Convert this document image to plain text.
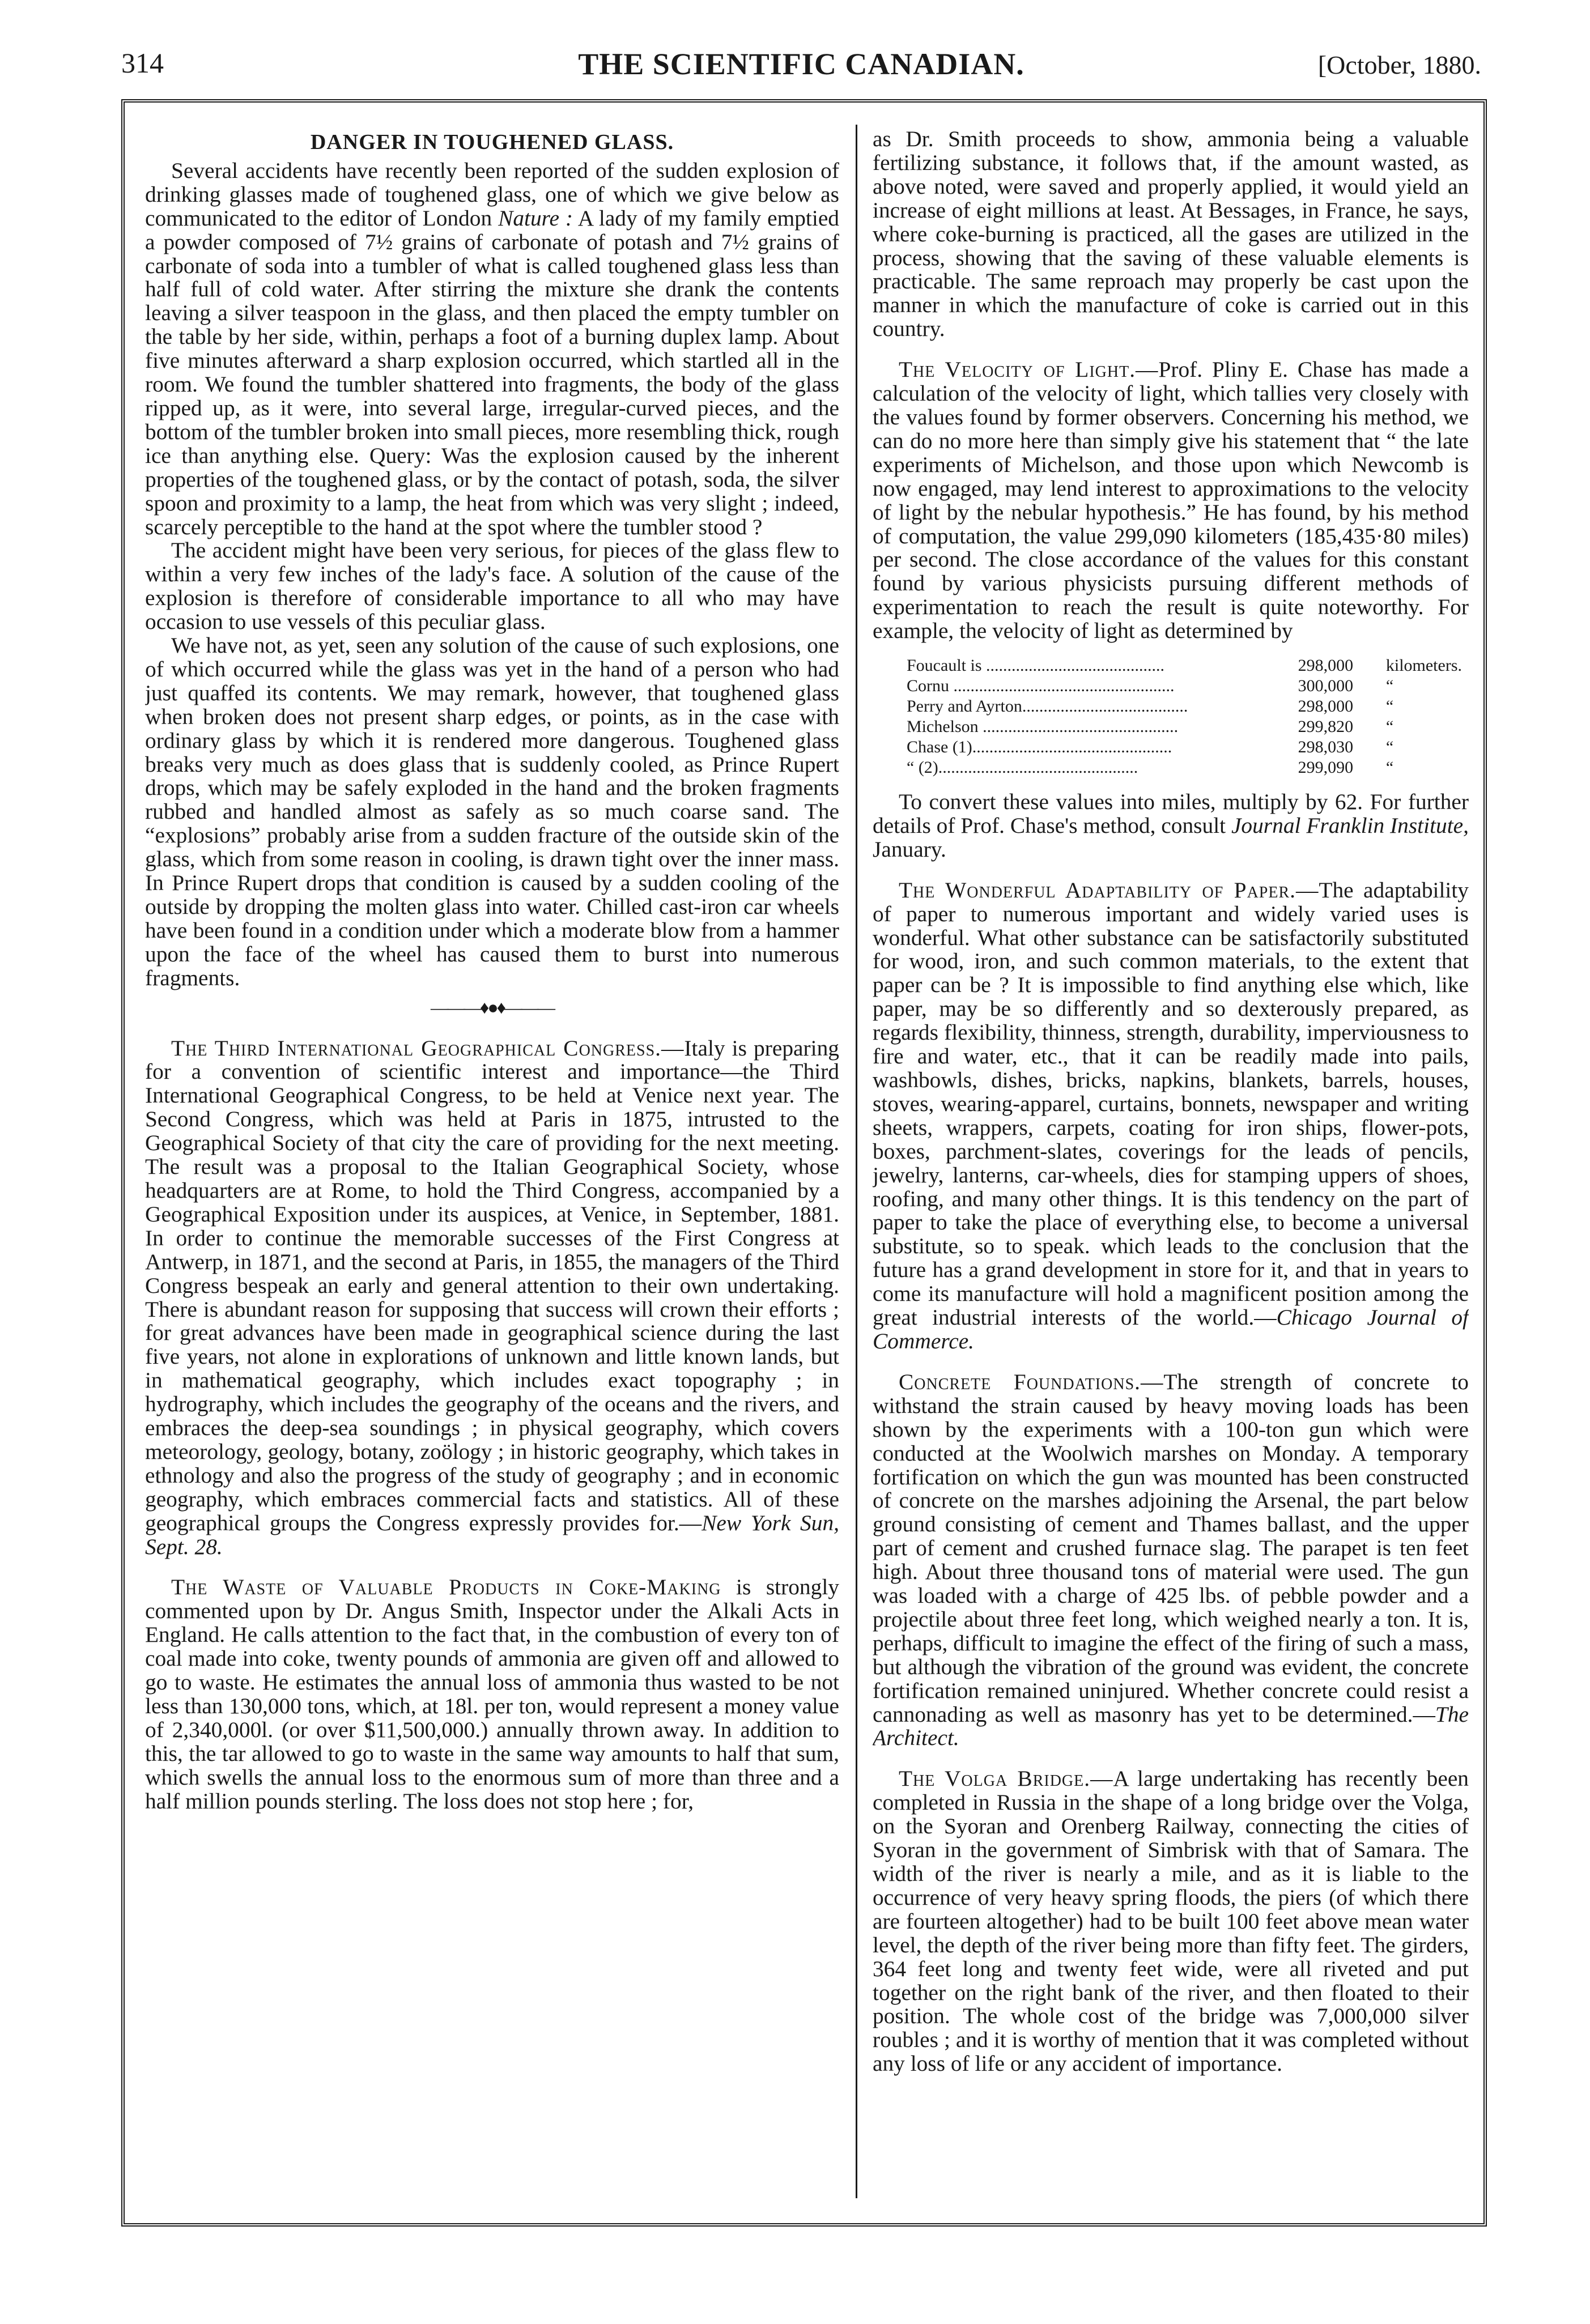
314	THE SCIENTIFIC CANADIAN.	[October, 1880.
DANGER IN TOUGHENED GLASS.

Several accidents have recently been reported of the sudden explosion of drinking glasses made of toughened glass, one of which we give below as communicated to the editor of London Nature : A lady of my family emptied a powder composed of 7½ grains of carbonate of potash and 7½ grains of carbonate of soda into a tumbler of what is called toughened glass less than half full of cold water. After stirring the mixture she drank the contents leaving a silver teaspoon in the glass, and then placed the empty tumbler on the table by her side, within, perhaps a foot of a burning duplex lamp. About five minutes afterward a sharp explosion occurred, which startled all in the room. We found the tumbler shattered into fragments, the body of the glass ripped up, as it were, into several large, irregular-curved pieces, and the bottom of the tumbler broken into small pieces, more resembling thick, rough ice than anything else. Query: Was the explosion caused by the inherent properties of the toughened glass, or by the contact of potash, soda, the silver spoon and proximity to a lamp, the heat from which was very slight ; indeed, scarcely perceptible to the hand at the spot where the tumbler stood ?

The accident might have been very serious, for pieces of the glass flew to within a very few inches of the lady's face. A solution of the cause of the explosion is therefore of considerable importance to all who may have occasion to use vessels of this peculiar glass.

We have not, as yet, seen any solution of the cause of such explosions, one of which occurred while the glass was yet in the hand of a person who had just quaffed its contents. We may remark, however, that toughened glass when broken does not present sharp edges, or points, as in the case with ordinary glass by which it is rendered more dangerous. Toughened glass breaks very much as does glass that is suddenly cooled, as Prince Rupert drops, which may be safely exploded in the hand and the broken fragments rubbed and handled almost as safely as so much coarse sand. The “explosions” probably arise from a sudden fracture of the outside skin of the glass, which from some reason in cooling, is drawn tight over the inner mass. In Prince Rupert drops that condition is caused by a sudden cooling of the outside by dropping the molten glass into water. Chilled cast-iron car wheels have been found in a condition under which a moderate blow from a hammer upon the face of the wheel has caused them to burst into numerous fragments.

———♦●♦———

The Third International Geographical Congress.—Italy is preparing for a convention of scientific interest and importance—the Third International Geographical Congress, to be held at Venice next year. The Second Congress, which was held at Paris in 1875, intrusted to the Geographical Society of that city the care of providing for the next meeting. The result was a proposal to the Italian Geographical Society, whose headquarters are at Rome, to hold the Third Congress, accompanied by a Geographical Exposition under its auspices, at Venice, in September, 1881. In order to continue the memorable successes of the First Congress at Antwerp, in 1871, and the second at Paris, in 1855, the managers of the Third Congress bespeak an early and general attention to their own undertaking. There is abundant reason for supposing that success will crown their efforts ; for great advances have been made in geographical science during the last five years, not alone in explorations of unknown and little known lands, but in mathematical geography, which includes exact topography ; in hydrography, which includes the geography of the oceans and the rivers, and embraces the deep-sea soundings ; in physical geography, which covers meteorology, geology, botany, zoölogy ; in historic geography, which takes in ethnology and also the progress of the study of geography ; and in economic geography, which embraces commercial facts and statistics. All of these geographical groups the Congress expressly provides for.—New York Sun, Sept. 28.

The Waste of Valuable Products in Coke-Making is strongly commented upon by Dr. Angus Smith, Inspector under the Alkali Acts in England. He calls attention to the fact that, in the combustion of every ton of coal made into coke, twenty pounds of ammonia are given off and allowed to go to waste. He estimates the annual loss of ammonia thus wasted to be not less than 130,000 tons, which, at 18l. per ton, would represent a money value of 2,340,000l. (or over $11,500,000.) annually thrown away. In addition to this, the tar allowed to go to waste in the same way amounts to half that sum, which swells the annual loss to the enormous sum of more than three and a half million pounds sterling. The loss does not stop here ; for,

as Dr. Smith proceeds to show, ammonia being a valuable fertilizing substance, it follows that, if the amount wasted, as above noted, were saved and properly applied, it would yield an increase of eight millions at least. At Bessages, in France, he says, where coke-burning is practiced, all the gases are utilized in the process, showing that the saving of these valuable elements is practicable. The same reproach may properly be cast upon the manner in which the manufacture of coke is carried out in this country.

The Velocity of Light.—Prof. Pliny E. Chase has made a calculation of the velocity of light, which tallies very closely with the values found by former observers. Concerning his method, we can do no more here than simply give his statement that “ the late experiments of Michelson, and those upon which Newcomb is now engaged, may lend interest to approximations to the velocity of light by the nebular hypothesis.” He has found, by his method of computation, the value 299,090 kilometers (185,435·80 miles) per second. The close accordance of the values for this constant found by various physicists pursuing different methods of experimentation to reach the result is quite noteworthy. For example, the velocity of light as determined by

Foucault is ..........................................	298,000	kilometers.
Cornu ....................................................	300,000	“
Perry and Ayrton.......................................	298,000	“
Michelson ..............................................	299,820	“
Chase (1)...............................................	298,030	“
“ (2)...............................................	299,090	“

To convert these values into miles, multiply by 62. For further details of Prof. Chase's method, consult Journal Franklin Institute, January.

The Wonderful Adaptability of Paper.—The adaptability of paper to numerous important and widely varied uses is wonderful. What other substance can be satisfactorily substituted for wood, iron, and such common materials, to the extent that paper can be ? It is impossible to find anything else which, like paper, may be so differently and so dexterously prepared, as regards flexibility, thinness, strength, durability, imperviousness to fire and water, etc., that it can be readily made into pails, washbowls, dishes, bricks, napkins, blankets, barrels, houses, stoves, wearing-apparel, curtains, bonnets, newspaper and writing sheets, wrappers, carpets, coating for iron ships, flower-pots, boxes, parchment-slates, coverings for the leads of pencils, jewelry, lanterns, car-wheels, dies for stamping uppers of shoes, roofing, and many other things. It is this tendency on the part of paper to take the place of everything else, to become a universal substitute, so to speak. which leads to the conclusion that the future has a grand development in store for it, and that in years to come its manufacture will hold a magnificent position among the great industrial interests of the world.—Chicago Journal of Commerce.

Concrete Foundations.—The strength of concrete to withstand the strain caused by heavy moving loads has been shown by the experiments with a 100-ton gun which were conducted at the Woolwich marshes on Monday. A temporary fortification on which the gun was mounted has been constructed of concrete on the marshes adjoining the Arsenal, the part below ground consisting of cement and Thames ballast, and the upper part of cement and crushed furnace slag. The parapet is ten feet high. About three thousand tons of material were used. The gun was loaded with a charge of 425 lbs. of pebble powder and a projectile about three feet long, which weighed nearly a ton. It is, perhaps, difficult to imagine the effect of the firing of such a mass, but although the vibration of the ground was evident, the concrete fortification remained uninjured. Whether concrete could resist a cannonading as well as masonry has yet to be determined.—The Architect.

The Volga Bridge.—A large undertaking has recently been completed in Russia in the shape of a long bridge over the Volga, on the Syoran and Orenberg Railway, connecting the cities of Syoran in the government of Simbrisk with that of Samara. The width of the river is nearly a mile, and as it is liable to the occurrence of very heavy spring floods, the piers (of which there are fourteen altogether) had to be built 100 feet above mean water level, the depth of the river being more than fifty feet. The girders, 364 feet long and twenty feet wide, were all riveted and put together on the right bank of the river, and then floated to their position. The whole cost of the bridge was 7,000,000 silver roubles ; and it is worthy of mention that it was completed without any loss of life or any accident of importance.
